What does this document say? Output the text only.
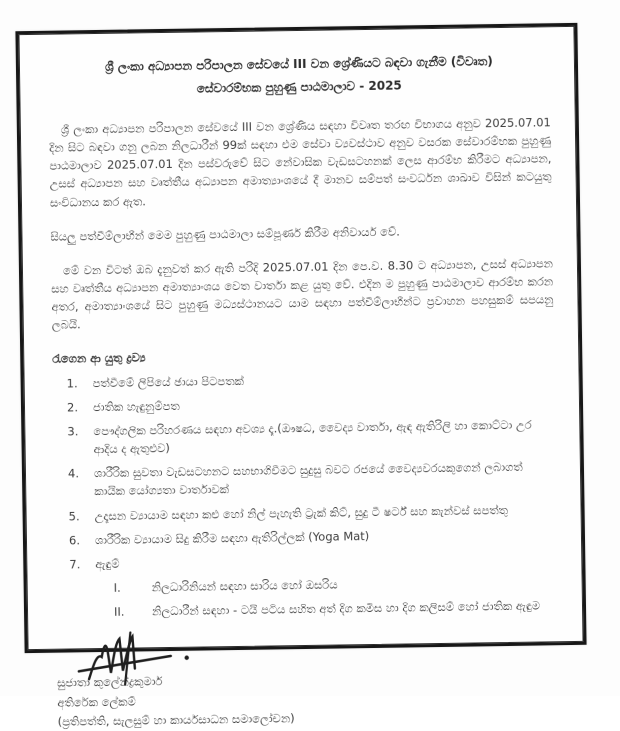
ශ්‍රී ලංකා අධ්‍යාපන පරිපාලන සේවයේ III වන ශ්‍රේණියට බඳවා ගැනීම (විවෘත)
සේවාරම්භක පුහුණු පාඨමාලාව - 2025

ශ්‍රී ලංකා අධ්‍යාපන පරිපාලන සේවයේ III වන ශ්‍රේණිය සඳහා විවෘත තරඟ විභාගය අනුව 2025.07.01 දින සිට බඳවා ගනු ලබන නිලධාරීන් 99ක් සඳහා එම සේවා ව්‍යවස්ථාව අනුව වසරක සේවාරම්භක පුහුණු පාඨමාලාව 2025.07.01 දින පස්වරුවේ සිට නේවාසික වැඩසටහනක් ලෙස ආරම්භ කිරීමට අධ්‍යාපන, උසස් අධ්‍යාපන සහ වෘත්තීය අධ්‍යාපන අමාත්‍යාංශයේ දී මානව සම්පත් සංවර්ධන ශාඛාව විසින් කටයුතු සංවිධානය කර ඇත.

සියලු පත්වීම්ලාභීන් මෙම පුහුණු පාඨමාලා සම්පූර්ණ කිරීම අනිවාර්ය වේ.

මේ වන විටත් ඔබ දැනුවත් කර ඇති පරිදි 2025.07.01 දින පෙ.ව. 8.30 ට අධ්‍යාපන, උසස් අධ්‍යාපන සහ වෘත්තීය අධ්‍යාපන අමාත්‍යාංශය වෙත වාර්තා කළ යුතු වේ. එදින ම පුහුණු පාඨමාලාව ආරම්භ කරන අතර, අමාත්‍යාංශයේ සිට පුහුණු මධ්‍යස්ථානයට යාම සඳහා පත්වීම්ලාභීන්ට ප්‍රවාහන පහසුකම් සපයනු ලබයි.

රැගෙන ආ යුතු ද්‍රව්‍ය
1.	පත්වීමේ ලිපියේ ඡායා පිටපතක්
2.	ජාතික හැඳුනුම්පත
3.	පෞද්ගලික පරිහරණය සඳහා අවශ්‍ය දෑ.(ඖෂධ, වෛද්‍ය වාර්තා, ඇඳ ඇතිරිලි හා කොට්ටා උර ආදිය ද ඇතුළුව)
4.	ශාරීරික සුවතා වැඩසටහනට සහභාගිවීමට සුදුසු බවට රජයේ වෛද්‍යවරයකුගෙන් ලබාගත් කායික යෝග්‍යතා වාර්තාවක්
5.	උදෑසන ව්‍යායාම සඳහා කළු හෝ නිල් පැහැති ට්‍රැක් කිට්, සුදු ටී ෂර්ට් සහ කැන්වස් සපත්තු
6.	ශාරීරික ව්‍යායාම සිදු කිරීම සඳහා ඇතිරිල්ලක් (Yoga Mat)
7.	ඇඳුම්
I.	නිලධාරිනියන් සඳහා සාරිය හෝ ඔසරිය
II.	නිලධාරීන් සඳහා - ටයි පටිය සහිත අත් දිග කමිස හා දිග කලිසම් හෝ ජාතික ඇඳුම
සුජාතා කුලේන්ද්‍රකුමාර්
අතිරේක ලේකම්
(ප්‍රතිපත්ති, සැලසුම් හා කාර්යසාධන සමාලෝචන)
